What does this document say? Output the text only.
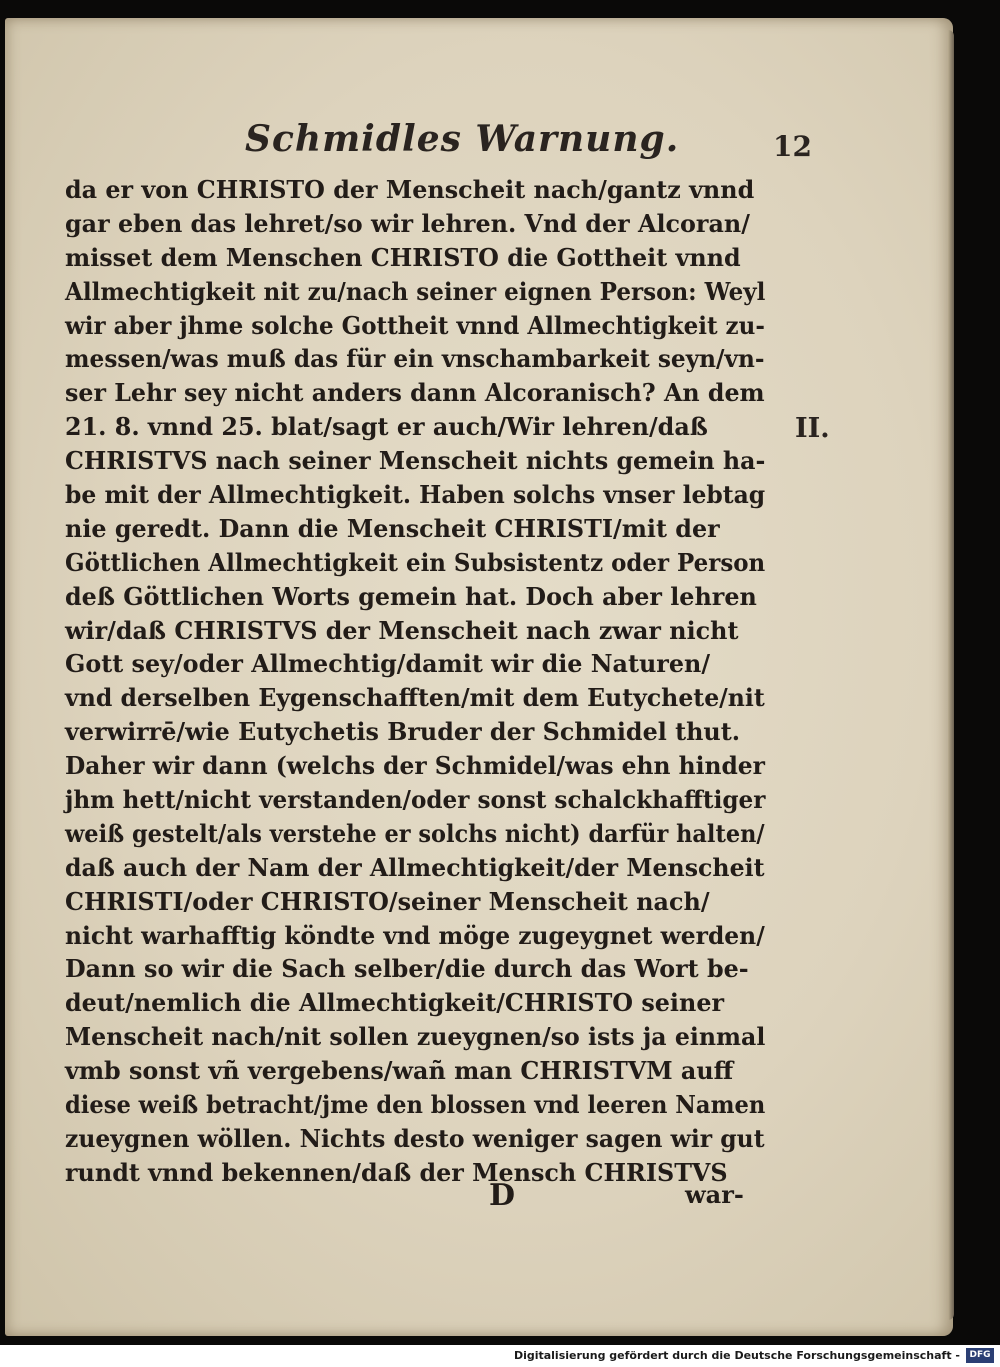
Schmidles Warnung.	12
da er von CHRISTO der Menscheit nach/gantz vnnd
gar eben das lehret/so wir lehren. Vnd der Alcoran/
misset dem Menschen CHRISTO die Gottheit vnnd
Allmechtigkeit nit zu/nach seiner eignen Person: Weyl
wir aber jhme solche Gottheit vnnd Allmechtigkeit zu-
messen/was muß das für ein vnschambarkeit seyn/vn-
ser Lehr sey nicht anders dann Alcoranisch? An dem
21. 8. vnnd 25. blat/sagt er auch/Wir lehren/daß
CHRISTVS nach seiner Menscheit nichts gemein ha-
be mit der Allmechtigkeit. Haben solchs vnser lebtag
nie geredt. Dann die Menscheit CHRISTI/mit der
Göttlichen Allmechtigkeit ein Subsistentz oder Person
deß Göttlichen Worts gemein hat. Doch aber lehren
wir/daß CHRISTVS der Menscheit nach zwar nicht
Gott sey/oder Allmechtig/damit wir die Naturen/
vnd derselben Eygenschafften/mit dem Eutychete/nit
verwirrē/wie Eutychetis Bruder der Schmidel thut.
Daher wir dann (welchs der Schmidel/was ehn hinder
jhm hett/nicht verstanden/oder sonst schalckhafftiger
weiß gestelt/als verstehe er solchs nicht) darfür halten/
daß auch der Nam der Allmechtigkeit/der Menscheit
CHRISTI/oder CHRISTO/seiner Menscheit nach/
nicht warhafftig köndte vnd möge zugeygnet werden/
Dann so wir die Sach selber/die durch das Wort be-
deut/nemlich die Allmechtigkeit/CHRISTO seiner
Menscheit nach/nit sollen zueygnen/so ists ja einmal
vmb sonst vñ vergebens/wañ man CHRISTVM auff
diese weiß betracht/jme den blossen vnd leeren Namen
zueygnen wöllen. Nichts desto weniger sagen wir gut
rundt vnnd bekennen/daß der Mensch CHRISTVS
II.
D	war-
Digitalisierung gefördert durch die Deutsche Forschungsgemeinschaft -	DFG
